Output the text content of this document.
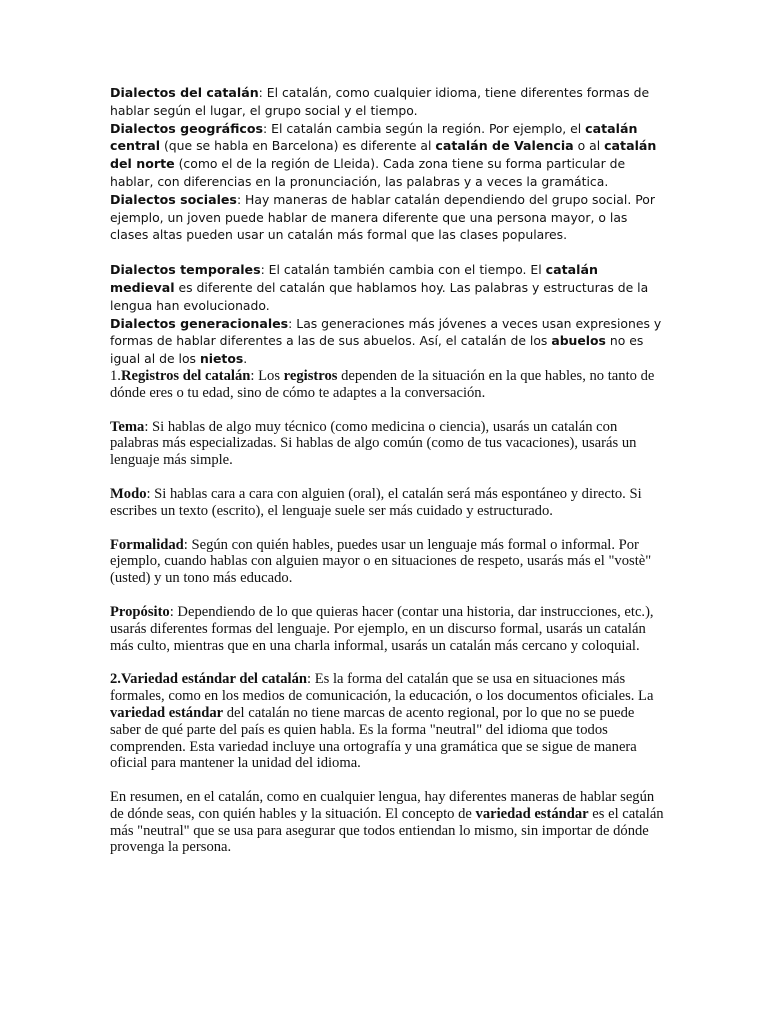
Dialectos del catalán: El catalán, como cualquier idioma, tiene diferentes formas de hablar según el lugar, el grupo social y el tiempo.

Dialectos geográficos: El catalán cambia según la región. Por ejemplo, el catalán central (que se habla en Barcelona) es diferente al catalán de Valencia o al catalán del norte (como el de la región de Lleida). Cada zona tiene su forma particular de hablar, con diferencias en la pronunciación, las palabras y a veces la gramática.

Dialectos sociales: Hay maneras de hablar catalán dependiendo del grupo social. Por ejemplo, un joven puede hablar de manera diferente que una persona mayor, o las clases altas pueden usar un catalán más formal que las clases populares.

Dialectos temporales: El catalán también cambia con el tiempo. El catalán medieval es diferente del catalán que hablamos hoy. Las palabras y estructuras de la lengua han evolucionado.

Dialectos generacionales: Las generaciones más jóvenes a veces usan expresiones y formas de hablar diferentes a las de sus abuelos. Así, el catalán de los abuelos no es igual al de los nietos.

1.Registros del catalán: Los registros dependen de la situación en la que hables, no tanto de dónde eres o tu edad, sino de cómo te adaptes a la conversación.

Tema: Si hablas de algo muy técnico (como medicina o ciencia), usarás un catalán con palabras más especializadas. Si hablas de algo común (como de tus vacaciones), usarás un lenguaje más simple.

Modo: Si hablas cara a cara con alguien (oral), el catalán será más espontáneo y directo. Si escribes un texto (escrito), el lenguaje suele ser más cuidado y estructurado.

Formalidad: Según con quién hables, puedes usar un lenguaje más formal o informal. Por ejemplo, cuando hablas con alguien mayor o en situaciones de respeto, usarás más el "vostè" (usted) y un tono más educado.

Propósito: Dependiendo de lo que quieras hacer (contar una historia, dar instrucciones, etc.), usarás diferentes formas del lenguaje. Por ejemplo, en un discurso formal, usarás un catalán más culto, mientras que en una charla informal, usarás un catalán más cercano y coloquial.

2.Variedad estándar del catalán: Es la forma del catalán que se usa en situaciones más formales, como en los medios de comunicación, la educación, o los documentos oficiales. La variedad estándar del catalán no tiene marcas de acento regional, por lo que no se puede saber de qué parte del país es quien habla. Es la forma "neutral" del idioma que todos comprenden. Esta variedad incluye una ortografía y una gramática que se sigue de manera oficial para mantener la unidad del idioma.

En resumen, en el catalán, como en cualquier lengua, hay diferentes maneras de hablar según de dónde seas, con quién hables y la situación. El concepto de variedad estándar es el catalán más "neutral" que se usa para asegurar que todos entiendan lo mismo, sin importar de dónde provenga la persona.
